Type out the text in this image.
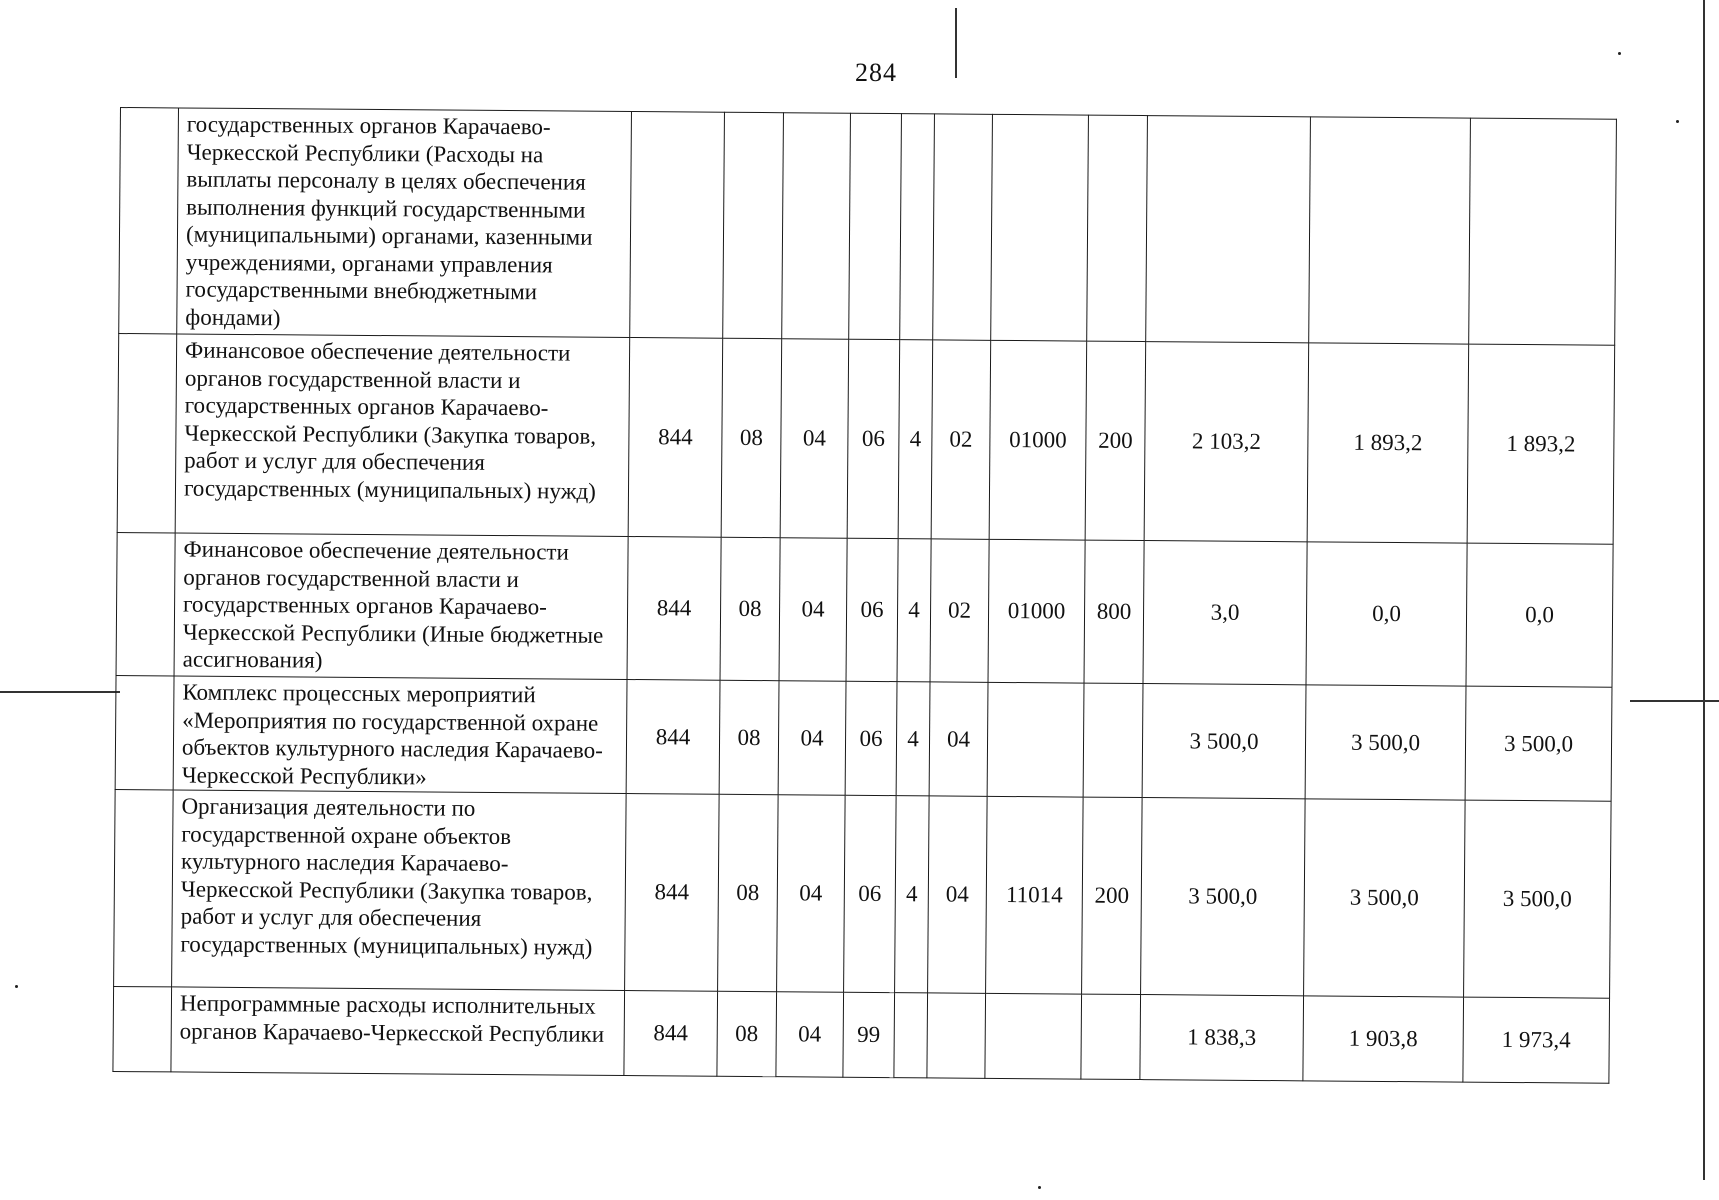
284
	государственных органов Карачаево-Черкесской Республики (Расходы на выплаты персоналу в целях обеспечения выполнения функций государственными (муниципальными) органами, казенными учреждениями, органами управления государственными внебюджетными фондами)											
	Финансовое обеспечение деятельности органов государственной власти и государственных органов Карачаево-Черкесской Республики (Закупка товаров, работ и услуг для обеспечения государственных (муниципальных) нужд)	844	08	04	06	4	02	01000	200	2 103,2	1 893,2	1 893,2
	Финансовое обеспечение деятельности органов государственной власти и государственных органов Карачаево-Черкесской Республики (Иные бюджетные ассигнования)	844	08	04	06	4	02	01000	800	3,0	0,0	0,0
	Комплекс процессных мероприятий «Мероприятия по государственной охране объектов культурного наследия Карачаево-Черкесской Республики»	844	08	04	06	4	04			3 500,0	3 500,0	3 500,0
	Организация деятельности по государственной охране объектов культурного наследия Карачаево-Черкесской Республики (Закупка товаров, работ и услуг для обеспечения государственных (муниципальных) нужд)	844	08	04	06	4	04	11014	200	3 500,0	3 500,0	3 500,0
	Непрограммные расходы исполнительных органов Карачаево-Черкесской Республики	844	08	04	99					1 838,3	1 903,8	1 973,4
